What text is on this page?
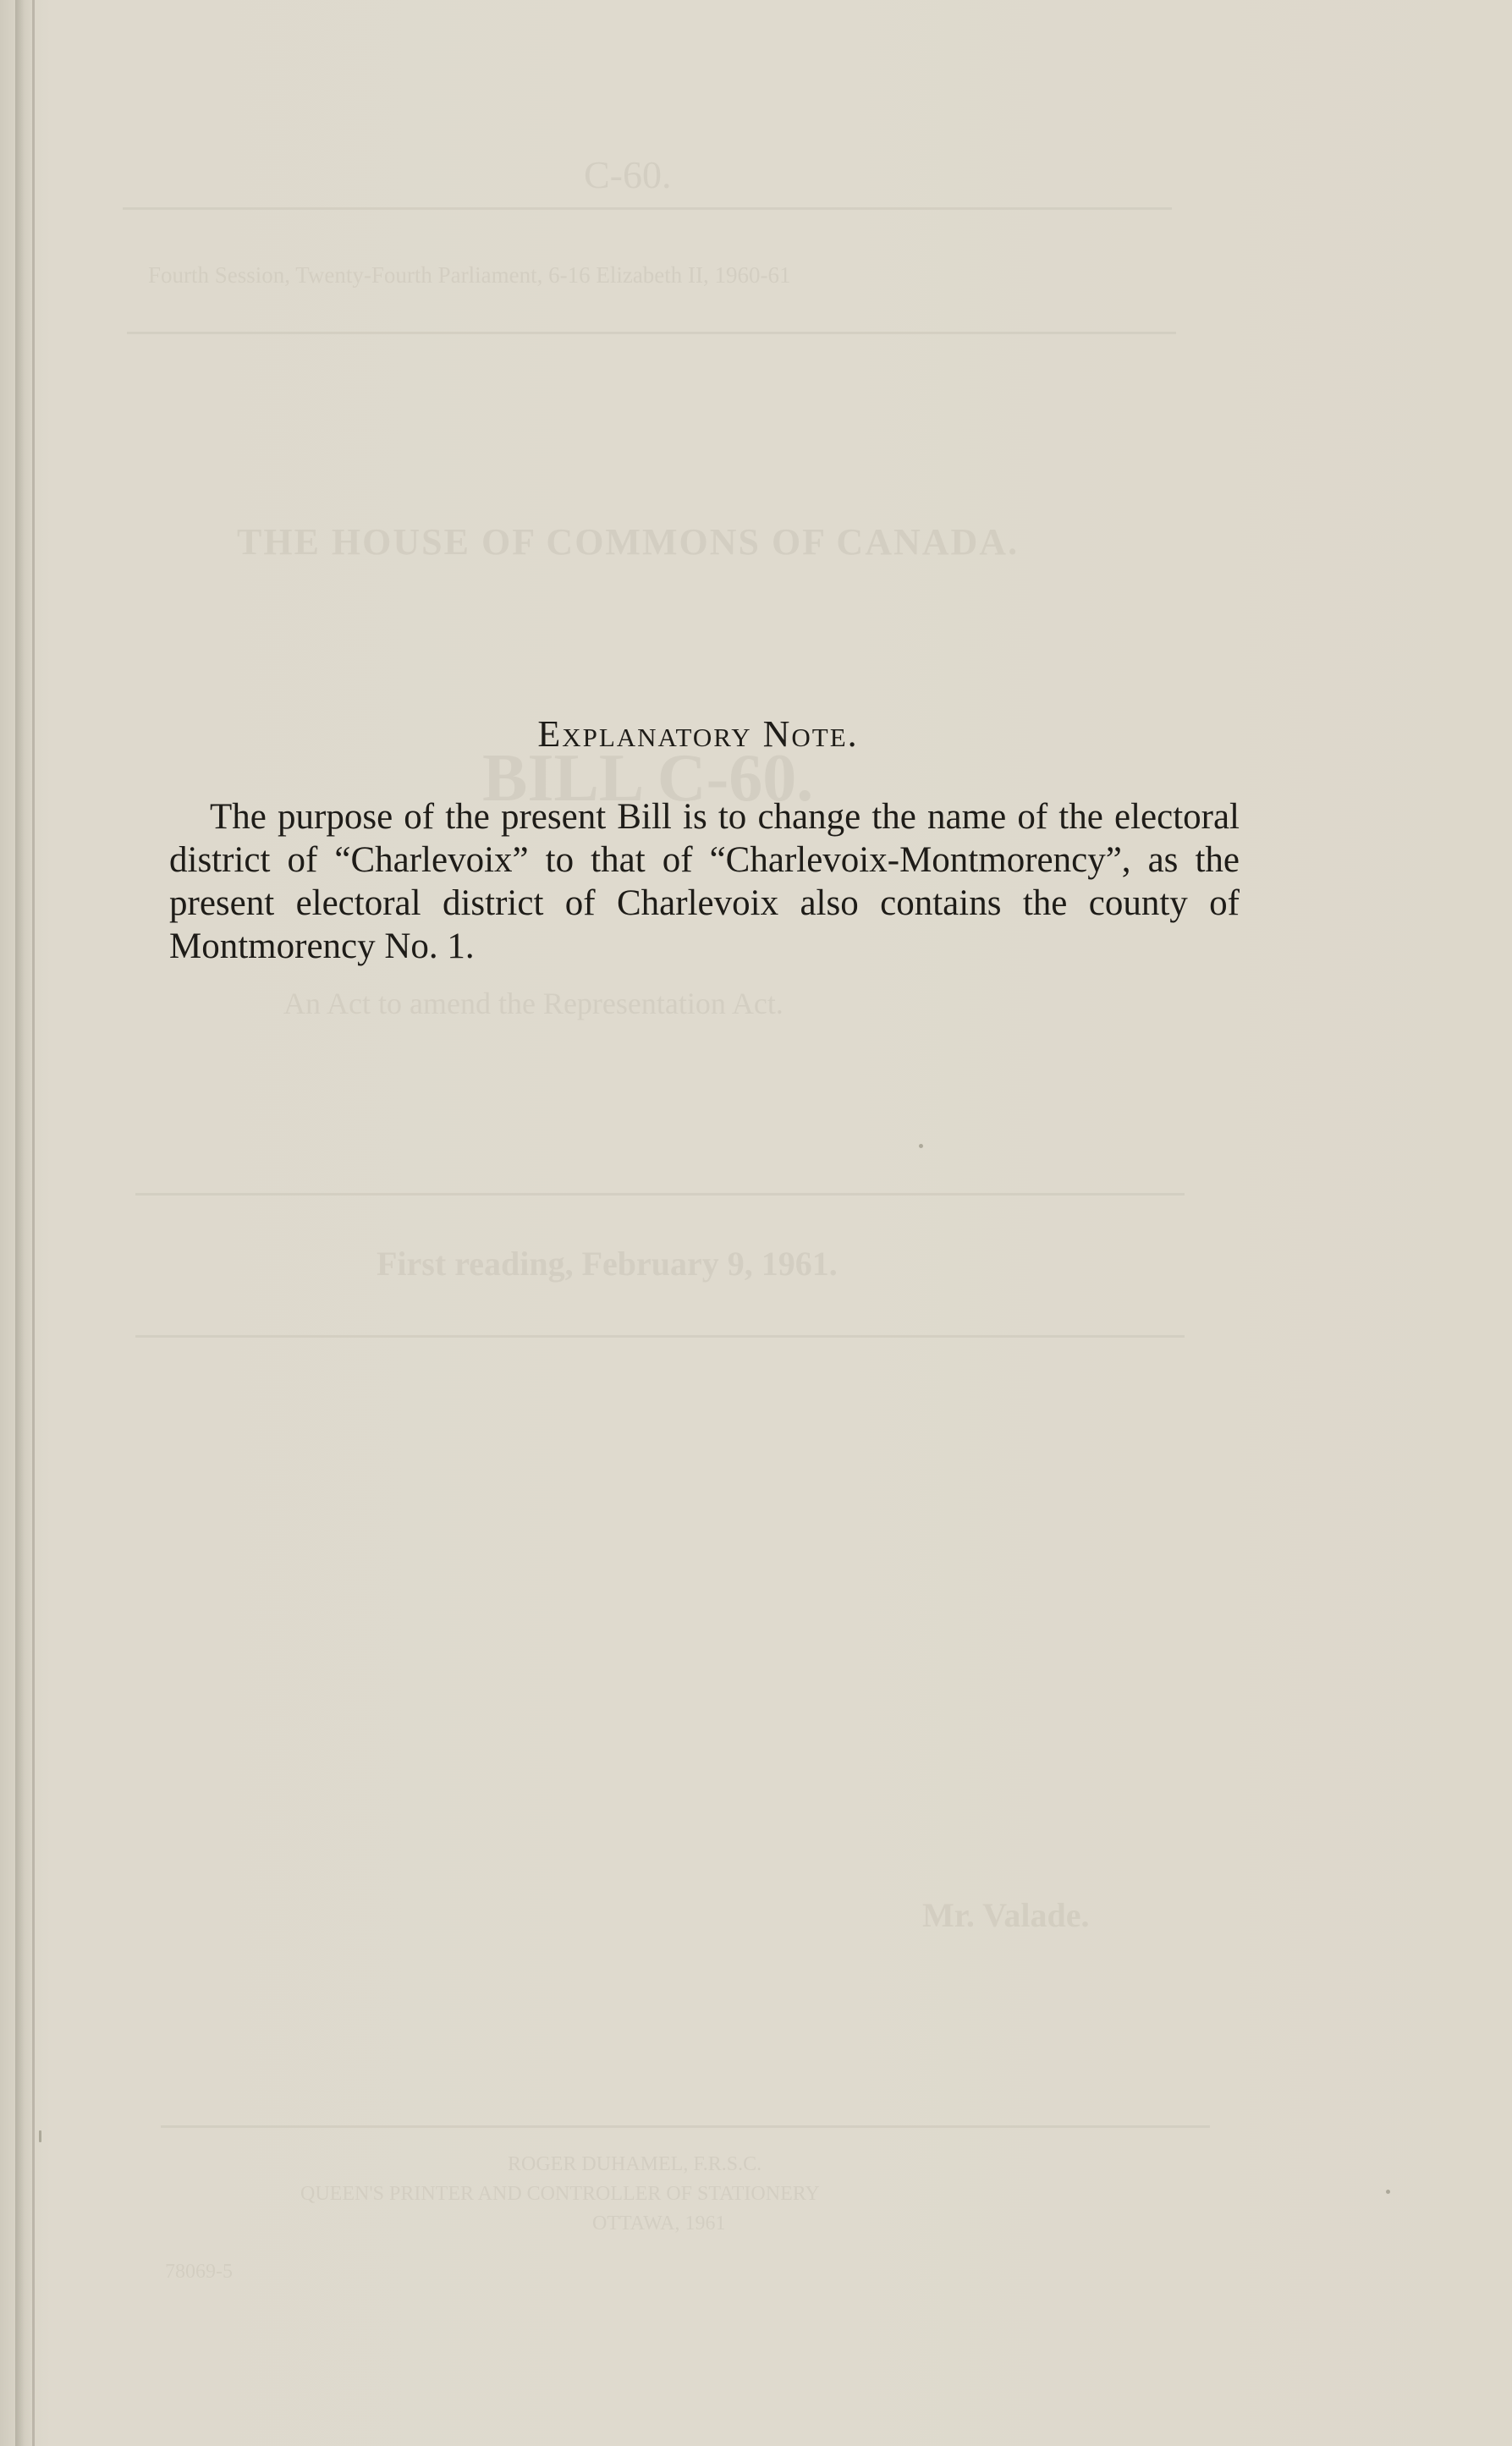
C-60.
Fourth Session, Twenty-Fourth Parliament, 6-16 Elizabeth II, 1960-61
THE HOUSE OF COMMONS OF CANADA.
BILL C-60.
An Act to amend the Representation Act.
First reading, February 9, 1961.
Mr. Valade.
ROGER DUHAMEL, F.R.S.C.
QUEEN'S PRINTER AND CONTROLLER OF STATIONERY
OTTAWA, 1961
78069-5
Explanatory Note.

The purpose of the present Bill is to change the name of the electoral district of “Charlevoix” to that of “Charlevoix-Montmorency”, as the present electoral district of Charlevoix also contains the county of Montmorency No. 1.
